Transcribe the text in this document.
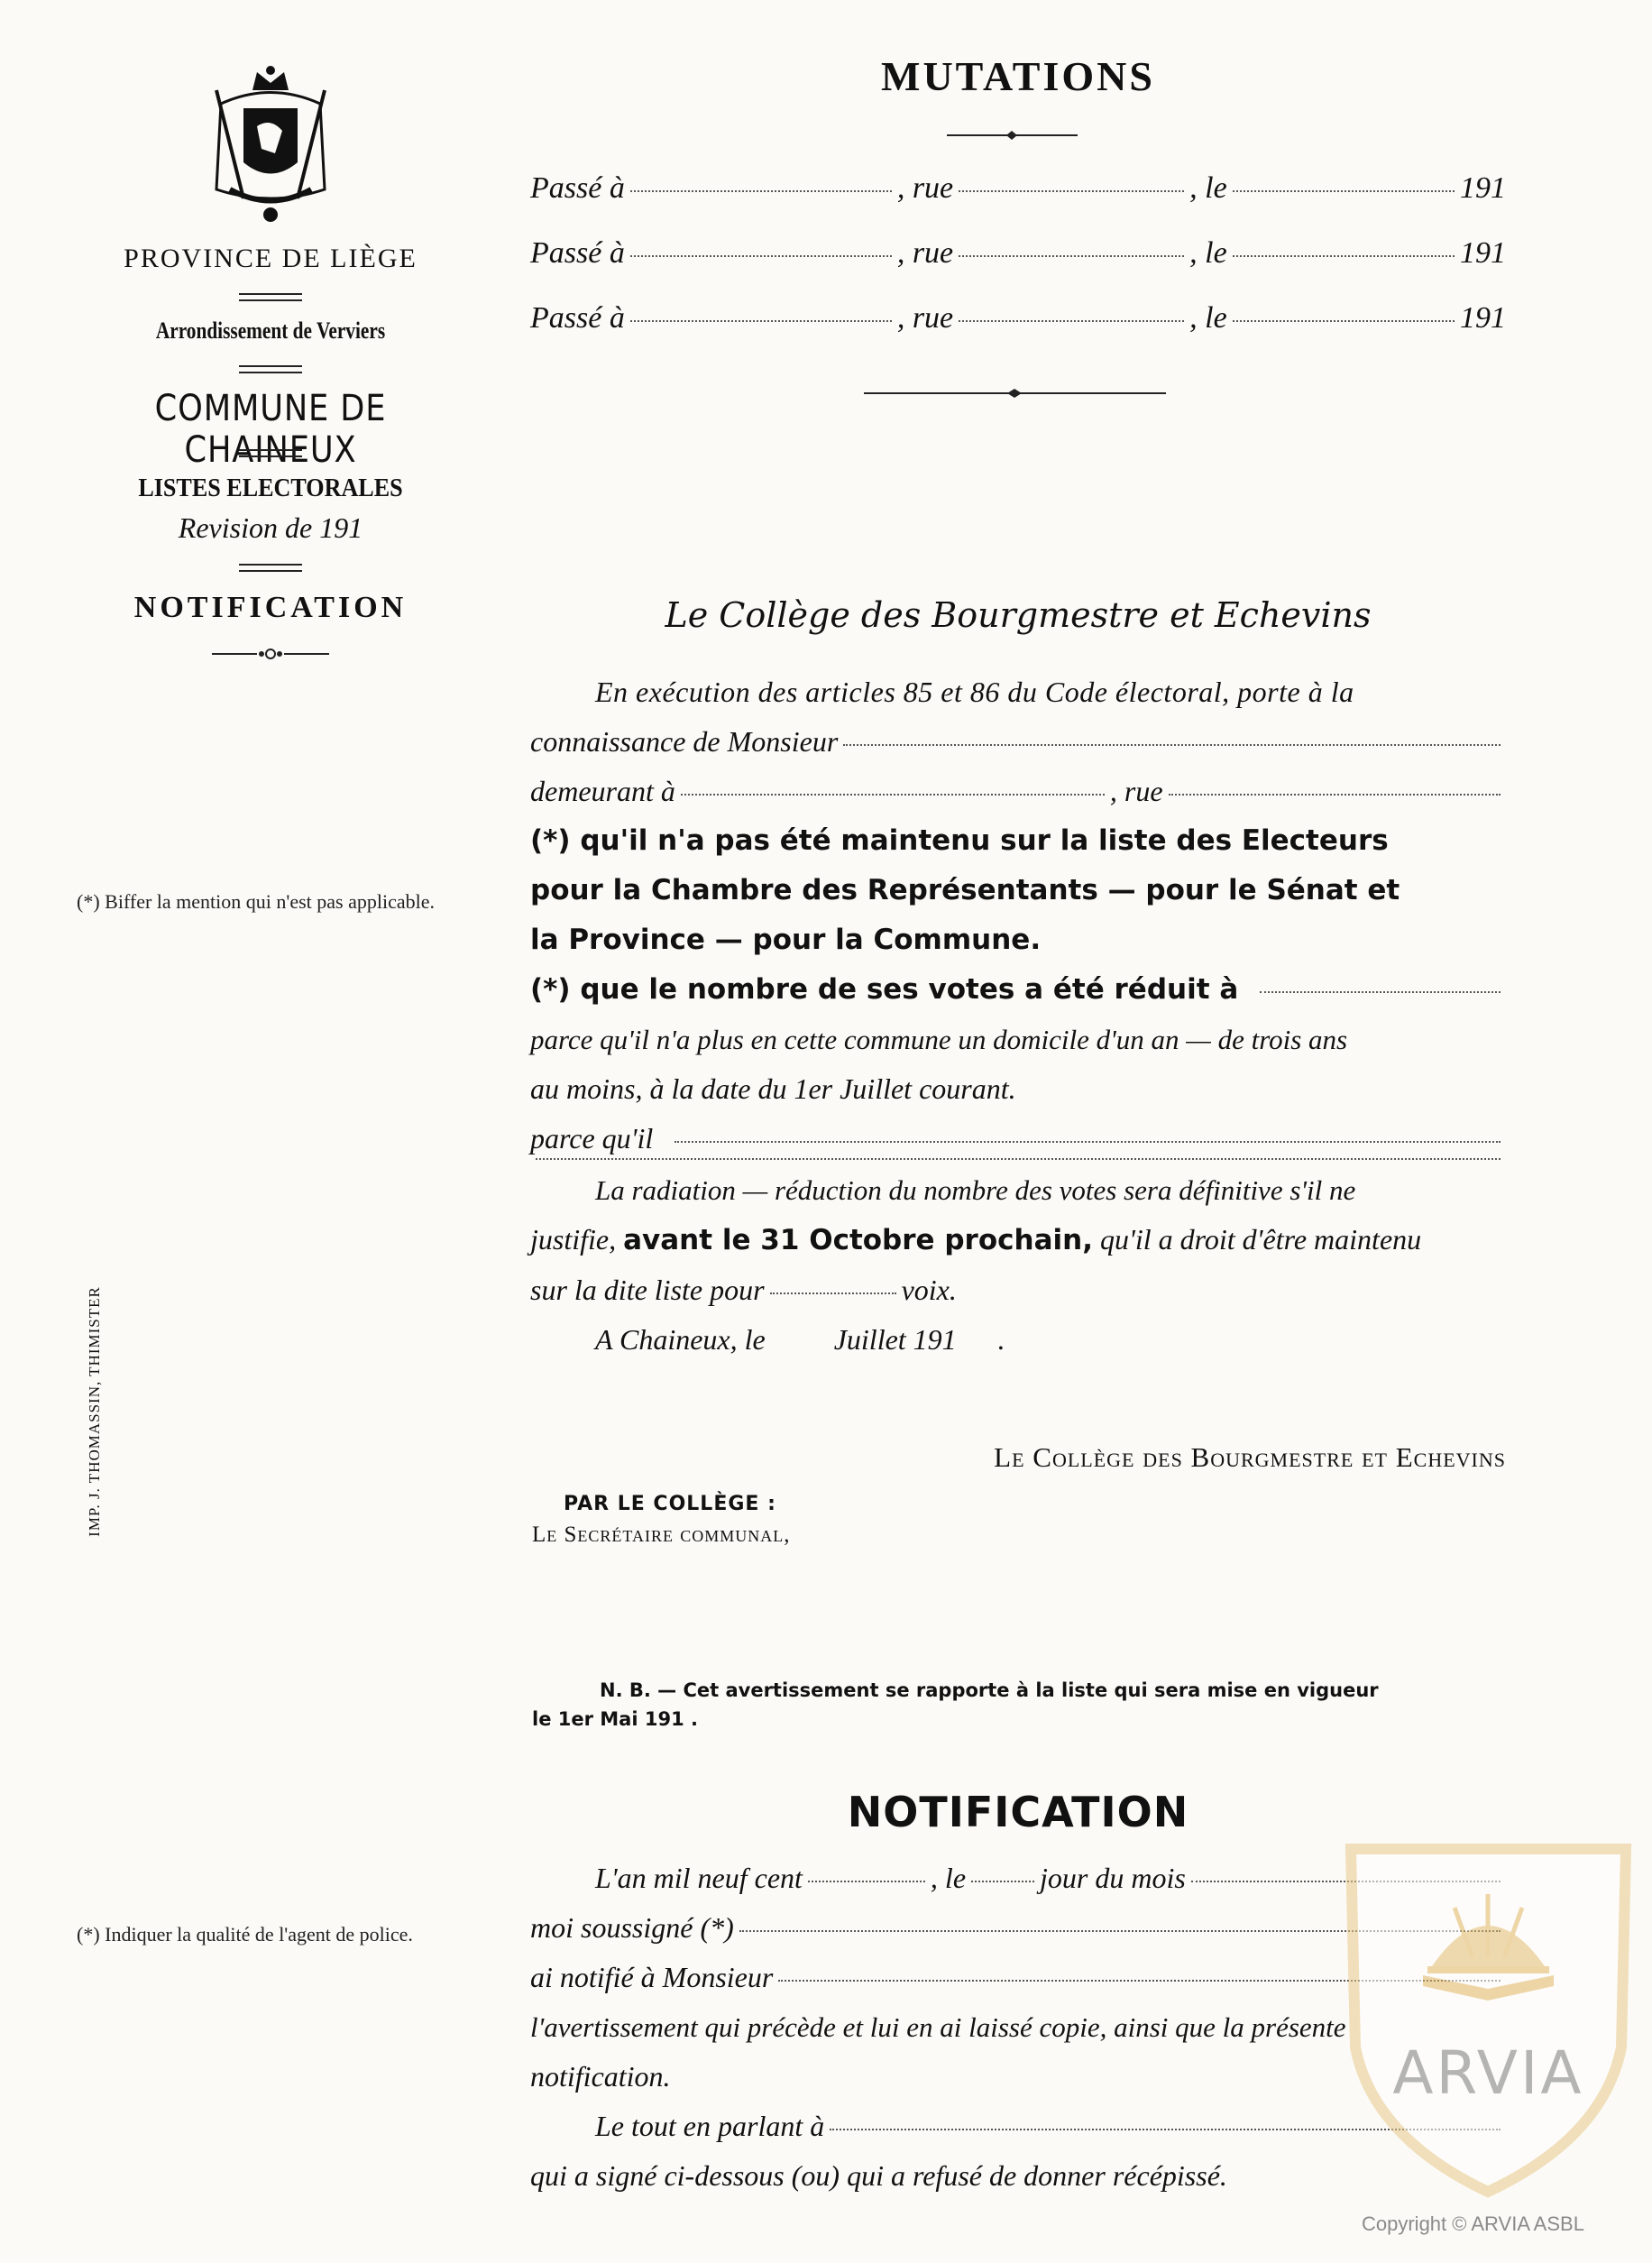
PROVINCE DE LIÈGE
Arrondissement de Verviers
COMMUNE DE CHAINEUX
LISTES ELECTORALES
Revision de 191
NOTIFICATION
(*) Biffer la mention qui n'est pas applicable.
IMP. J. THOMASSIN, THIMISTER
(*) Indiquer la qualité de l'agent de police.
MUTATIONS
Passé à	, rue	, le	191
Passé à	, rue	, le	191
Passé à	, rue	, le	191
Le Collège des Bourgmestre et Echevins
En exécution des articles 85 et 86 du Code électoral, porte à la
connaissance de Monsieur
demeurant à	, rue
(*) qu'il n'a pas été maintenu sur la liste des Electeurs
pour la Chambre des Représentants — pour le Sénat et
la Province — pour la Commune.
(*) que le nombre de ses votes a été réduit à
parce qu'il n'a plus en cette commune un domicile d'un an — de trois ans
au moins, à la date du 1er Juillet courant.
parce qu'il
La radiation — réduction du nombre des votes sera définitive s'il ne
justifie, avant le 31 Octobre prochain, qu'il a droit d'être maintenu
sur la dite liste pour	voix.
A Chaineux, le Juillet 191 .
Le Collège des Bourgmestre et Echevins
PAR LE COLLÈGE :
Le Secrétaire communal,
N. B. — Cet avertissement se rapporte à la liste qui sera mise en vigueur
le 1er Mai 191 .
NOTIFICATION
L'an mil neuf cent	, le	jour du mois
moi soussigné (*)
ai notifié à Monsieur
l'avertissement qui précède et lui en ai laissé copie, ainsi que la présente
notification.
Le tout en parlant à
qui a signé ci-dessous (ou) qui a refusé de donner récépissé.
ARVIA
Copyright © ARVIA ASBL
